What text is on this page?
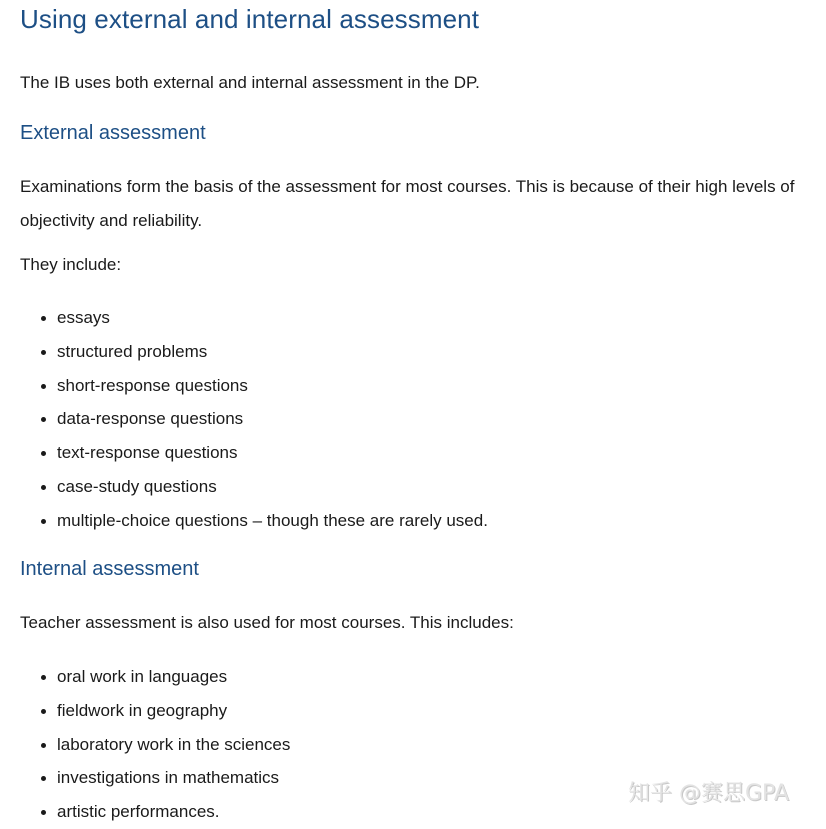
Using external and internal assessment

The IB uses both external and internal assessment in the DP.

External assessment

Examinations form the basis of the assessment for most courses. This is because of their high levels of

objectivity and reliability.

They include:

essays
structured problems
short-response questions
data-response questions
text-response questions
case-study questions
multiple-choice questions – though these are rarely used.
Internal assessment

Teacher assessment is also used for most courses. This includes:

oral work in languages
fieldwork in geography
laboratory work in the sciences
investigations in mathematics
artistic performances.
知乎 @赛思GPA
